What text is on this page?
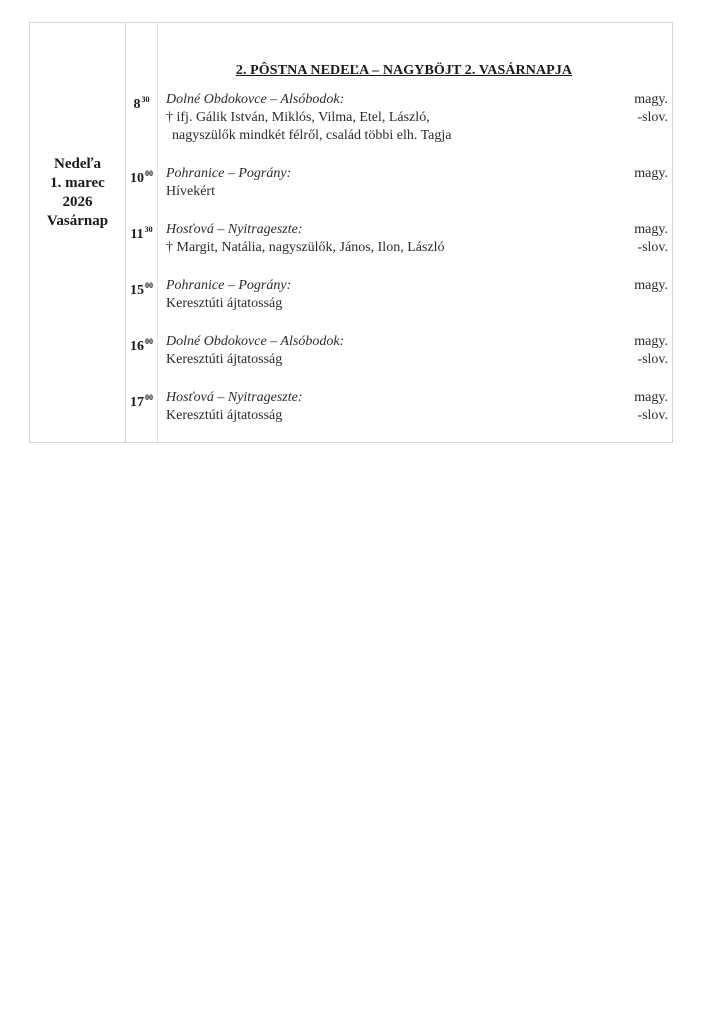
Nedeľa
1. marec
2026
Vasárnap
2. PÔSTNA NEDEĽA – NAGYBÖJT 2. VASÁRNAPJA
$8^{30}$	Dolné Obdokovce – Alsóbodok:
† ifj. Gálik István, Miklós, Vilma, Etel, László,
nagyszülők mindkét félről, család többi elh. Tagja
magy.
-slov.
$10^{00}$ Pohranice – Pográny:
Hívekért
magy.
$11^{30}$ Hosťová – Nyitrageszte:
† Margit, Natália, nagyszülők, János, Ilon, László
magy.
-slov.
$15^{00}$ Pohranice – Pográny:
Keresztúti ájtatosság
magy.
$16^{00}$ Dolné Obdokovce – Alsóbodok:
Keresztúti ájtatosság
magy.
-slov.
$17^{00}$ Hosťová – Nyitrageszte:
Keresztúti ájtatosság
magy.
-slov.
